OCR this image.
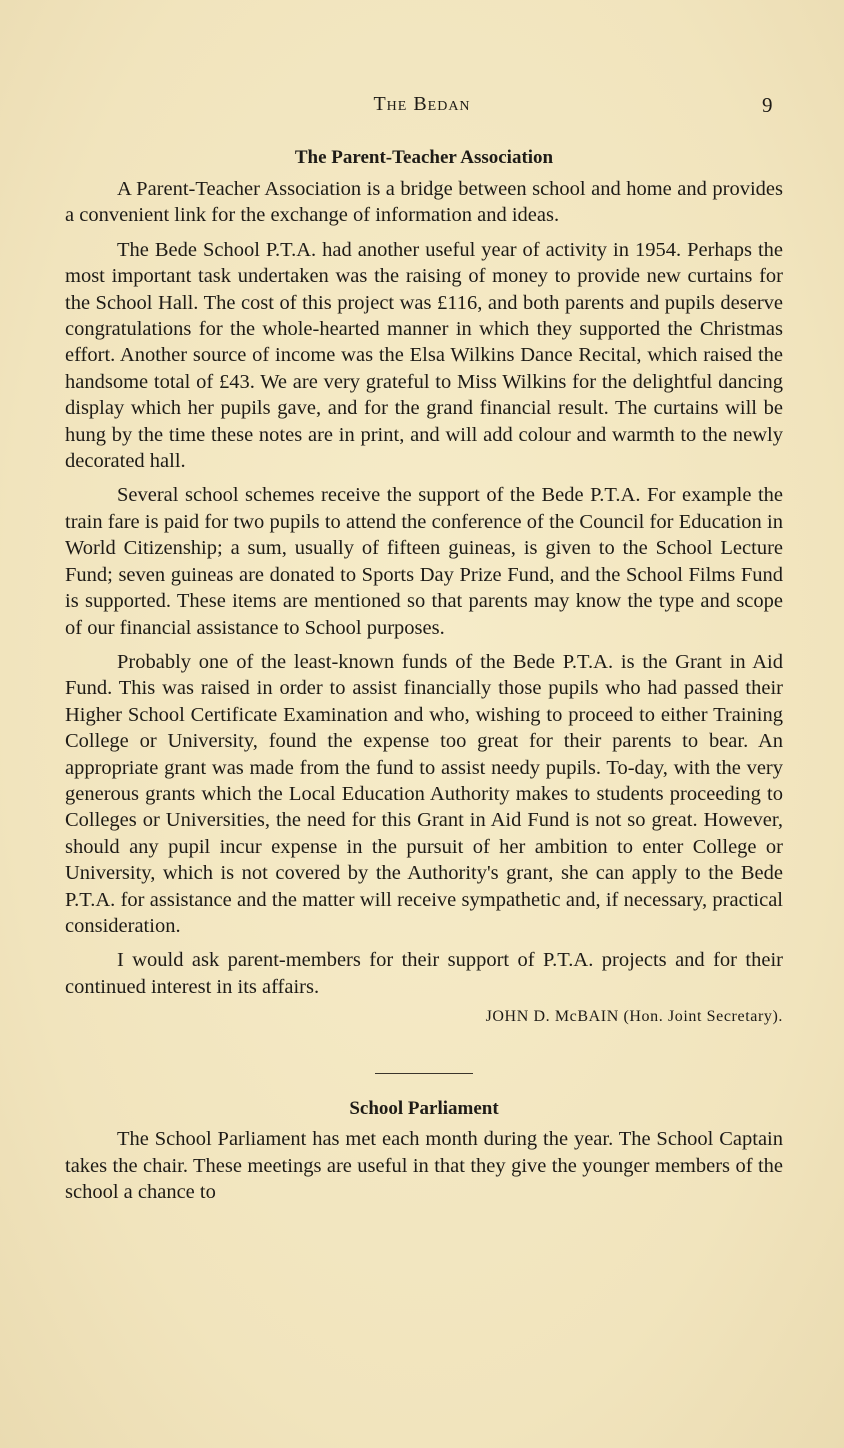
The Bedan	9
The Parent-Teacher Association

A Parent-Teacher Association is a bridge between school and home and provides a convenient link for the exchange of information and ideas.

The Bede School P.T.A. had another useful year of activity in 1954. Perhaps the most important task undertaken was the raising of money to provide new curtains for the School Hall. The cost of this project was £116, and both parents and pupils deserve congratulations for the whole-hearted manner in which they supported the Christmas effort. Another source of income was the Elsa Wilkins Dance Recital, which raised the handsome total of £43. We are very grateful to Miss Wilkins for the delightful dancing display which her pupils gave, and for the grand financial result. The curtains will be hung by the time these notes are in print, and will add colour and warmth to the newly decorated hall.

Several school schemes receive the support of the Bede P.T.A. For example the train fare is paid for two pupils to attend the conference of the Council for Education in World Citizenship; a sum, usually of fifteen guineas, is given to the School Lecture Fund; seven guineas are donated to Sports Day Prize Fund, and the School Films Fund is supported. These items are mentioned so that parents may know the type and scope of our financial assistance to School purposes.

Probably one of the least-known funds of the Bede P.T.A. is the Grant in Aid Fund. This was raised in order to assist financially those pupils who had passed their Higher School Certificate Examination and who, wishing to proceed to either Training College or University, found the expense too great for their parents to bear. An appropriate grant was made from the fund to assist needy pupils. To-day, with the very generous grants which the Local Education Authority makes to students proceeding to Colleges or Universities, the need for this Grant in Aid Fund is not so great. However, should any pupil incur expense in the pursuit of her ambition to enter College or University, which is not covered by the Authority's grant, she can apply to the Bede P.T.A. for assistance and the matter will receive sympathetic and, if necessary, practical consideration.

I would ask parent-members for their support of P.T.A. projects and for their continued interest in its affairs.

JOHN D. McBAIN (Hon. Joint Secretary).
School Parliament

The School Parliament has met each month during the year. The School Captain takes the chair. These meetings are useful in that they give the younger members of the school a chance to
